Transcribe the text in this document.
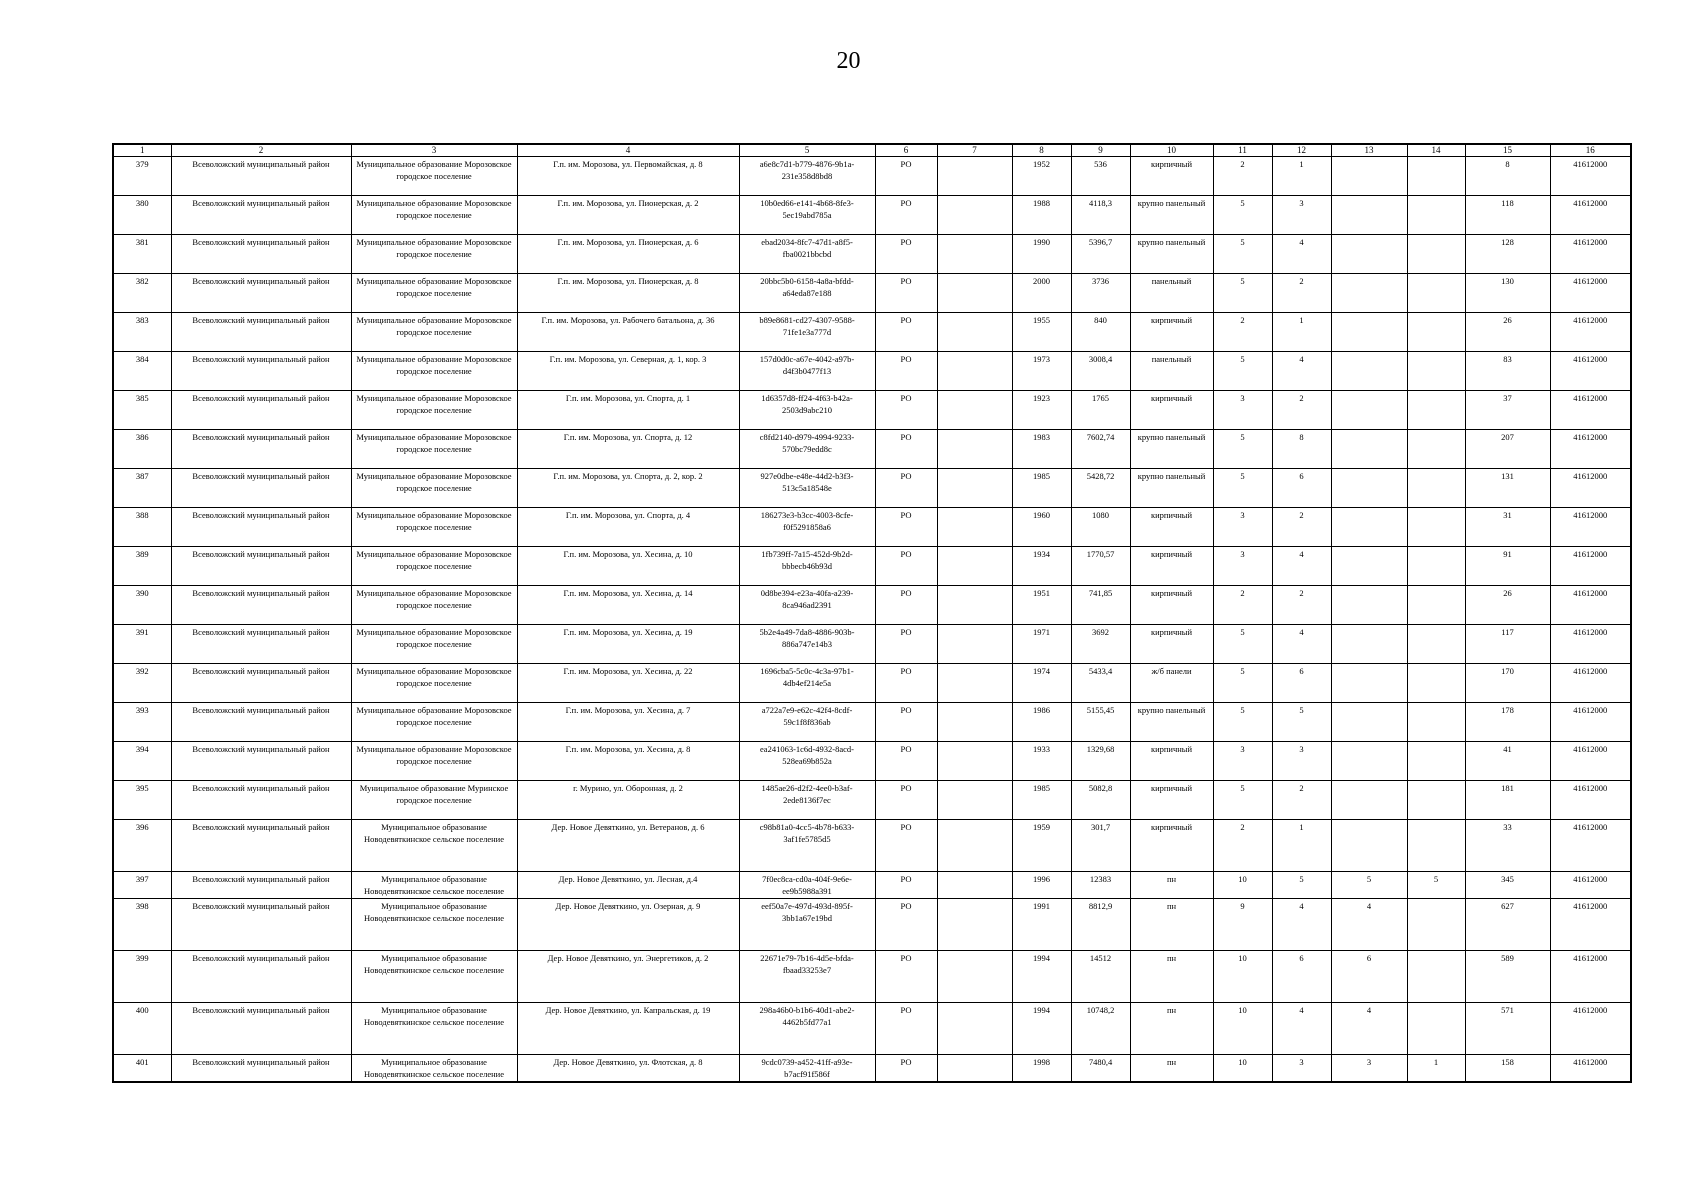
20
1	2	3	4	5	6	7	8	9	10	11	12	13	14	15	16
379	Всеволожский муниципальный район	Муниципальное образование Морозовское городское поселение	Г.п. им. Морозова, ул. Первомайская, д. 8	a6e8c7d1-b779-4876-9b1a-231e358d8bd8	РО		1952	536	кирпичный	2	1			8	41612000
380	Всеволожский муниципальный район	Муниципальное образование Морозовское городское поселение	Г.п. им. Морозова, ул. Пионерская, д. 2	10b0ed66-e141-4b68-8fe3-5ec19abd785a	РО		1988	4118,3	крупно панельный	5	3			118	41612000
381	Всеволожский муниципальный район	Муниципальное образование Морозовское городское поселение	Г.п. им. Морозова, ул. Пионерская, д. 6	ebad2034-8fc7-47d1-a8f5-fba0021bbcbd	РО		1990	5396,7	крупно панельный	5	4			128	41612000
382	Всеволожский муниципальный район	Муниципальное образование Морозовское городское поселение	Г.п. им. Морозова, ул. Пионерская, д. 8	20bbc5b0-6158-4a8a-bfdd-a64eda87e188	РО		2000	3736	панельный	5	2			130	41612000
383	Всеволожский муниципальный район	Муниципальное образование Морозовское городское поселение	Г.п. им. Морозова, ул. Рабочего батальона, д. 36	b89e8681-cd27-4307-9588-71fe1e3a777d	РО		1955	840	кирпичный	2	1			26	41612000
384	Всеволожский муниципальный район	Муниципальное образование Морозовское городское поселение	Г.п. им. Морозова, ул. Северная, д. 1, кор. 3	157d0d0c-a67e-4042-a97b-d4f3b0477f13	РО		1973	3008,4	панельный	5	4			83	41612000
385	Всеволожский муниципальный район	Муниципальное образование Морозовское городское поселение	Г.п. им. Морозова, ул. Спорта, д. 1	1d6357d8-ff24-4f63-b42a-2503d9abc210	РО		1923	1765	кирпичный	3	2			37	41612000
386	Всеволожский муниципальный район	Муниципальное образование Морозовское городское поселение	Г.п. им. Морозова, ул. Спорта, д. 12	c8fd2140-d979-4994-9233-570bc79edd8c	РО		1983	7602,74	крупно панельный	5	8			207	41612000
387	Всеволожский муниципальный район	Муниципальное образование Морозовское городское поселение	Г.п. им. Морозова, ул. Спорта, д. 2, кор. 2	927e0dbe-e48e-44d2-b3f3-513c5a18548e	РО		1985	5428,72	крупно панельный	5	6			131	41612000
388	Всеволожский муниципальный район	Муниципальное образование Морозовское городское поселение	Г.п. им. Морозова, ул. Спорта, д. 4	186273e3-b3cc-4003-8cfe-f0f5291858a6	РО		1960	1080	кирпичный	3	2			31	41612000
389	Всеволожский муниципальный район	Муниципальное образование Морозовское городское поселение	Г.п. им. Морозова, ул. Хесина, д. 10	1fb739ff-7a15-452d-9b2d-bbbecb46b93d	РО		1934	1770,57	кирпичный	3	4			91	41612000
390	Всеволожский муниципальный район	Муниципальное образование Морозовское городское поселение	Г.п. им. Морозова, ул. Хесина, д. 14	0d8be394-e23a-40fa-a239-8ca946ad2391	РО		1951	741,85	кирпичный	2	2			26	41612000
391	Всеволожский муниципальный район	Муниципальное образование Морозовское городское поселение	Г.п. им. Морозова, ул. Хесина, д. 19	5b2e4a49-7da8-4886-903b-886a747e14b3	РО		1971	3692	кирпичный	5	4			117	41612000
392	Всеволожский муниципальный район	Муниципальное образование Морозовское городское поселение	Г.п. им. Морозова, ул. Хесина, д. 22	1696cba5-5c0c-4c3a-97b1-4db4ef214e5a	РО		1974	5433,4	ж/б панели	5	6			170	41612000
393	Всеволожский муниципальный район	Муниципальное образование Морозовское городское поселение	Г.п. им. Морозова, ул. Хесина, д. 7	a722a7e9-e62c-42f4-8cdf-59c1f8f836ab	РО		1986	5155,45	крупно панельный	5	5			178	41612000
394	Всеволожский муниципальный район	Муниципальное образование Морозовское городское поселение	Г.п. им. Морозова, ул. Хесина, д. 8	ea241063-1c6d-4932-8acd-528ea69b852a	РО		1933	1329,68	кирпичный	3	3			41	41612000
395	Всеволожский муниципальный район	Муниципальное образование Муринское городское поселение	г. Мурино, ул. Оборонная, д. 2	1485ae26-d2f2-4ee0-b3af-2ede8136f7ec	РО		1985	5082,8	кирпичный	5	2			181	41612000
396	Всеволожский муниципальный район	Муниципальное образование Новодевяткинское сельское поселение	Дер. Новое Девяткино, ул. Ветеранов, д. 6	c98b81a0-4cc5-4b78-b633-3af1fe5785d5	РО		1959	301,7	кирпичный	2	1			33	41612000
397	Всеволожский муниципальный район	Муниципальное образование Новодевяткинское сельское поселение	Дер. Новое Девяткино, ул. Лесная, д.4	7f0ec8ca-cd0a-404f-9e6e-ee9b5988a391	РО		1996	12383	пн	10	5	5	5	345	41612000
398	Всеволожский муниципальный район	Муниципальное образование Новодевяткинское сельское поселение	Дер. Новое Девяткино, ул. Озерная, д. 9	eef50a7e-497d-493d-895f-3bb1a67e19bd	РО		1991	8812,9	пн	9	4	4		627	41612000
399	Всеволожский муниципальный район	Муниципальное образование Новодевяткинское сельское поселение	Дер. Новое Девяткино, ул. Энергетиков, д. 2	22671e79-7b16-4d5e-bfda-fbaad33253e7	РО		1994	14512	пн	10	6	6		589	41612000
400	Всеволожский муниципальный район	Муниципальное образование Новодевяткинское сельское поселение	Дер. Новое Девяткино, ул. Капральская, д. 19	298a46b0-b1b6-40d1-abe2-4462b5fd77a1	РО		1994	10748,2	пн	10	4	4		571	41612000
401	Всеволожский муниципальный район	Муниципальное образование Новодевяткинское сельское поселение	Дер. Новое Девяткино, ул. Флотская, д. 8	9cdc0739-a452-41ff-a93e-b7acf91f586f	РО		1998	7480,4	пн	10	3	3	1	158	41612000
